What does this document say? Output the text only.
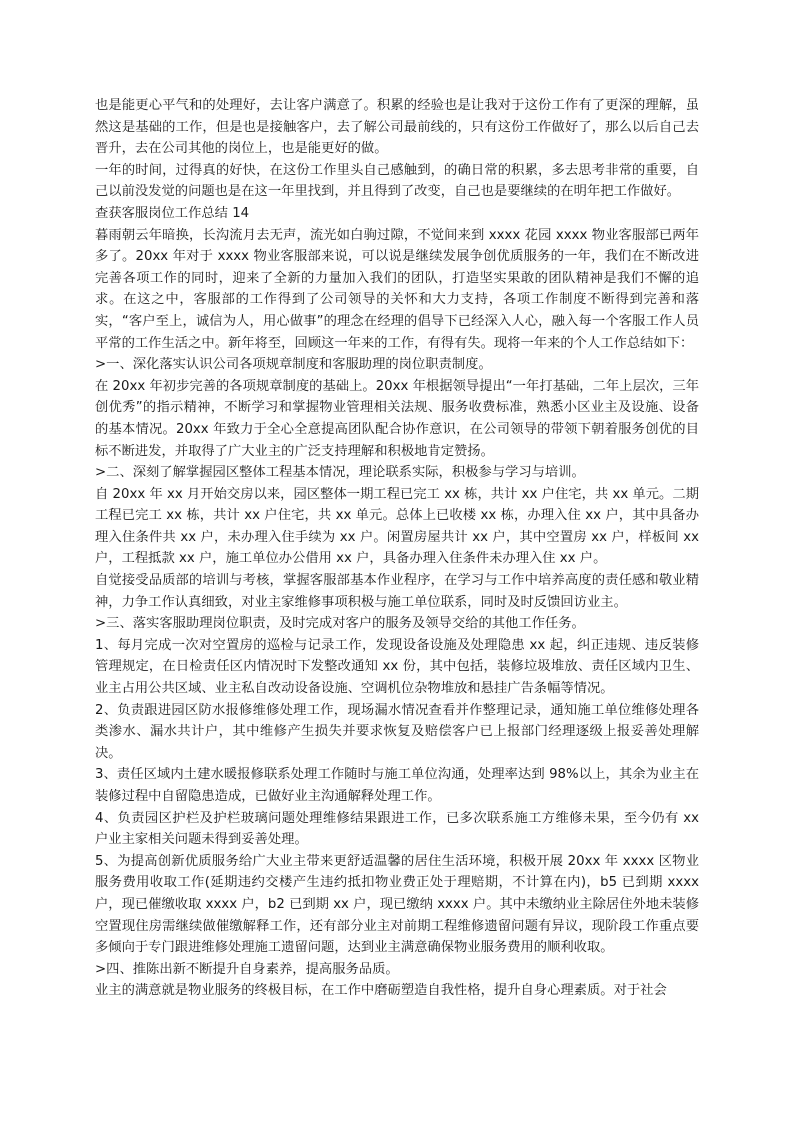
也是能更心平气和的处理好，去让客户满意了。积累的经验也是让我对于这份工作有了更深的理解，虽然这是基础的工作，但是也是接触客户，去了解公司最前线的，只有这份工作做好了，那么以后自己去晋升，去在公司其他的岗位上，也是能更好的做。

一年的时间，过得真的好快，在这份工作里头自己感触到，的确日常的积累，多去思考非常的重要，自己以前没发觉的问题也是在这一年里找到，并且得到了改变，自己也是要继续的在明年把工作做好。

查获客服岗位工作总结 14

暮雨朝云年暗换，长沟流月去无声，流光如白驹过隙，不觉间来到 xxxx 花园 xxxx 物业客服部已两年多了。20xx 年对于 xxxx 物业客服部来说，可以说是继续发展争创优质服务的一年，我们在不断改进完善各项工作的同时，迎来了全新的力量加入我们的团队，打造坚实果敢的团队精神是我们不懈的追求。在这之中，客服部的工作得到了公司领导的关怀和大力支持，各项工作制度不断得到完善和落实，“客户至上，诚信为人，用心做事”的理念在经理的倡导下已经深入人心，融入每一个客服工作人员平常的工作生活之中。新年将至，回顾这一年来的工作，有得有失。现将一年来的个人工作总结如下：

>一、深化落实认识公司各项规章制度和客服助理的岗位职责制度。

在 20xx 年初步完善的各项规章制度的基础上。20xx 年根据领导提出“一年打基础，二年上层次，三年创优秀”的指示精神，不断学习和掌握物业管理相关法规、服务收费标准，熟悉小区业主及设施、设备的基本情况。20xx 年致力于全心全意提高团队配合协作意识，在公司领导的带领下朝着服务创优的目标不断进发，并取得了广大业主的广泛支持理解和积极地肯定赞扬。

>二、深刻了解掌握园区整体工程基本情况，理论联系实际，积极参与学习与培训。

自 20xx 年 xx 月开始交房以来，园区整体一期工程已完工 xx 栋，共计 xx 户住宅，共 xx 单元。二期工程已完工 xx 栋，共计 xx 户住宅，共 xx 单元。总体上已收楼 xx 栋，办理入住 xx 户，其中具备办理入住条件共 xx 户，未办理入住手续为 xx 户。闲置房屋共计 xx 户，其中空置房 xx 户，样板间 xx 户，工程抵款 xx 户，施工单位办公借用 xx 户，具备办理入住条件未办理入住 xx 户。

自觉接受品质部的培训与考核，掌握客服部基本作业程序，在学习与工作中培养高度的责任感和敬业精神，力争工作认真细致，对业主家维修事项积极与施工单位联系，同时及时反馈回访业主。

>三、落实客服助理岗位职责，及时完成对客户的服务及领导交给的其他工作任务。

1、每月完成一次对空置房的巡检与记录工作，发现设备设施及处理隐患 xx 起，纠正违规、违反装修管理规定，在日检责任区内情况时下发整改通知 xx 份，其中包括，装修垃圾堆放、责任区域内卫生、业主占用公共区域、业主私自改动设备设施、空调机位杂物堆放和悬挂广告条幅等情况。

2、负责跟进园区防水报修维修处理工作，现场漏水情况查看并作整理记录，通知施工单位维修处理各类渗水、漏水共计户，其中维修产生损失并要求恢复及赔偿客户已上报部门经理逐级上报妥善处理解决。

3、责任区域内土建水暖报修联系处理工作随时与施工单位沟通，处理率达到 98%以上，其余为业主在装修过程中自留隐患造成，已做好业主沟通解释处理工作。

4、负责园区护栏及护栏玻璃问题处理维修结果跟进工作，已多次联系施工方维修未果，至今仍有 xx 户业主家相关问题未得到妥善处理。

5、为提高创新优质服务给广大业主带来更舒适温馨的居住生活环境，积极开展 20xx 年 xxxx 区物业服务费用收取工作(延期违约交楼产生违约抵扣物业费正处于理赔期，不计算在内)，b5 已到期 xxxx 户，现已催缴收取 xxxx 户，b2 已到期 xx 户，现已缴纳 xxxx 户。其中未缴纳业主除居住外地未装修空置现住房需继续做催缴解释工作，还有部分业主对前期工程维修遗留问题有异议，现阶段工作重点要多倾向于专门跟进维修处理施工遗留问题，达到业主满意确保物业服务费用的顺利收取。

>四、推陈出新不断提升自身素养，提高服务品质。

业主的满意就是物业服务的终极目标，在工作中磨砺塑造自我性格，提升自身心理素质。对于社会
